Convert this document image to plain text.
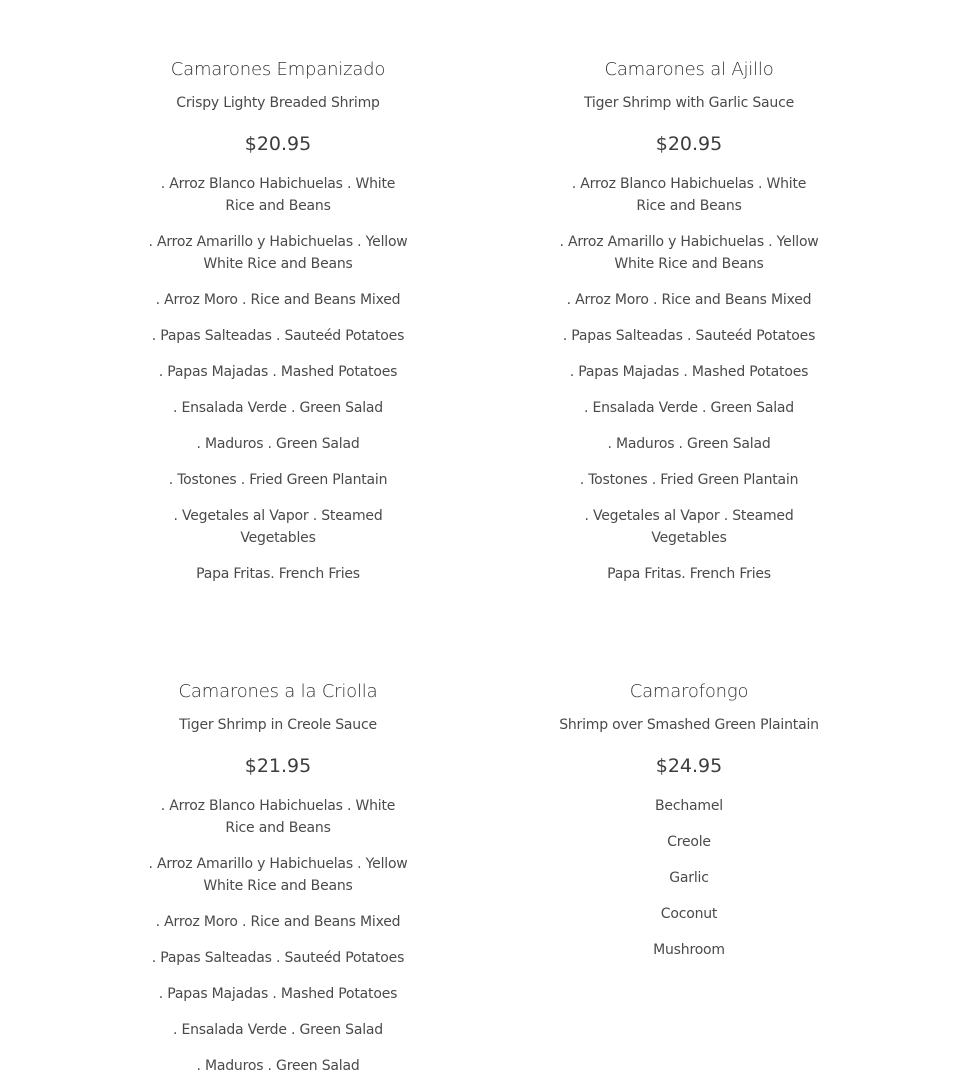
Camarones Empanizado

Crispy Lighty Breaded Shrimp

$20.95

. Arroz Blanco Habichuelas . White Rice and Beans
. Arroz Amarillo y Habichuelas . Yellow White Rice and Beans
. Arroz Moro . Rice and Beans Mixed
. Papas Salteadas . Sauteéd Potatoes
. Papas Majadas . Mashed Potatoes
. Ensalada Verde . Green Salad
. Maduros . Green Salad
. Tostones . Fried Green Plantain
. Vegetales al Vapor . Steamed Vegetables
Papa Fritas. French Fries
Camarones al Ajillo

Tiger Shrimp with Garlic Sauce

$20.95

. Arroz Blanco Habichuelas . White Rice and Beans
. Arroz Amarillo y Habichuelas . Yellow White Rice and Beans
. Arroz Moro . Rice and Beans Mixed
. Papas Salteadas . Sauteéd Potatoes
. Papas Majadas . Mashed Potatoes
. Ensalada Verde . Green Salad
. Maduros . Green Salad
. Tostones . Fried Green Plantain
. Vegetales al Vapor . Steamed Vegetables
Papa Fritas. French Fries
Camarones a la Criolla

Tiger Shrimp in Creole Sauce

$21.95

. Arroz Blanco Habichuelas . White Rice and Beans
. Arroz Amarillo y Habichuelas . Yellow White Rice and Beans
. Arroz Moro . Rice and Beans Mixed
. Papas Salteadas . Sauteéd Potatoes
. Papas Majadas . Mashed Potatoes
. Ensalada Verde . Green Salad
. Maduros . Green Salad
Camarofongo

Shrimp over Smashed Green Plaintain

$24.95

Bechamel
Creole
Garlic
Coconut
Mushroom
